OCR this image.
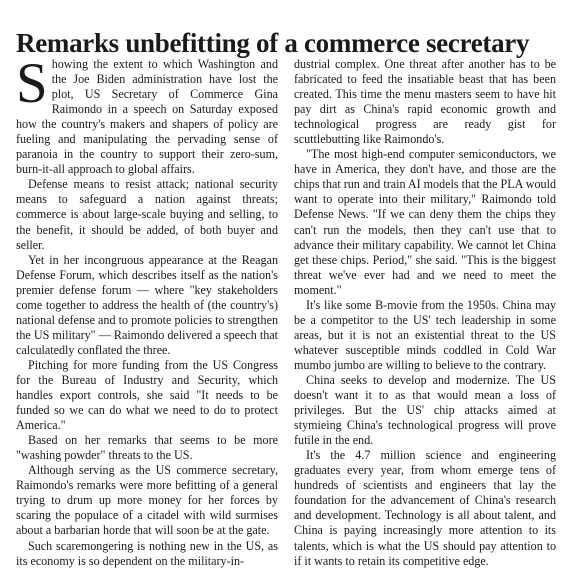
Remarks unbefitting of a commerce secretary

Showing the extent to which Washington and the Joe Biden administration have lost the plot, US Secretary of Commerce Gina Raimondo in a speech on Saturday exposed how the country's makers and shapers of policy are fueling and manipulating the pervading sense of paranoia in the country to support their zero-sum, burn-it-all approach to global affairs.

Defense means to resist attack; national security means to safeguard a nation against threats; commerce is about large-scale buying and selling, to the benefit, it should be added, of both buyer and seller.

Yet in her incongruous appearance at the Reagan Defense Forum, which describes itself as the nation's premier defense forum — where "key stakeholders come together to address the health of (the country's) national defense and to promote policies to strengthen the US military" — Raimondo delivered a speech that calculatedly conflated the three.

Pitching for more funding from the US Congress for the Bureau of Industry and Security, which handles export controls, she said "It needs to be funded so we can do what we need to do to protect America."

Based on her remarks that seems to be more "washing powder" threats to the US.

Although serving as the US commerce secretary, Raimondo's remarks were more befitting of a general trying to drum up more money for her forces by scaring the populace of a citadel with wild surmises about a barbarian horde that will soon be at the gate.

Such scaremongering is nothing new in the US, as its economy is so dependent on the military-in-

dustrial complex. One threat after another has to be fabricated to feed the insatiable beast that has been created. This time the menu masters seem to have hit pay dirt as China's rapid economic growth and technological progress are ready gist for scuttlebutting like Raimondo's.

"The most high-end computer semiconductors, we have in America, they don't have, and those are the chips that run and train AI models that the PLA would want to operate into their military," Raimondo told Defense News. "If we can deny them the chips they can't run the models, then they can't use that to advance their military capability. We cannot let China get these chips. Period," she said. "This is the biggest threat we've ever had and we need to meet the moment."

It's like some B-movie from the 1950s. China may be a competitor to the US' tech leadership in some areas, but it is not an existential threat to the US whatever susceptible minds coddled in Cold War mumbo jumbo are willing to believe to the contrary.

China seeks to develop and modernize. The US doesn't want it to as that would mean a loss of privileges. But the US' chip attacks aimed at stymieing China's technological progress will prove futile in the end.

It's the 4.7 million science and engineering graduates every year, from whom emerge tens of hundreds of scientists and engineers that lay the foundation for the advancement of China's research and development. Technology is all about talent, and China is paying increasingly more attention to its talents, which is what the US should pay attention to if it wants to retain its competitive edge.
